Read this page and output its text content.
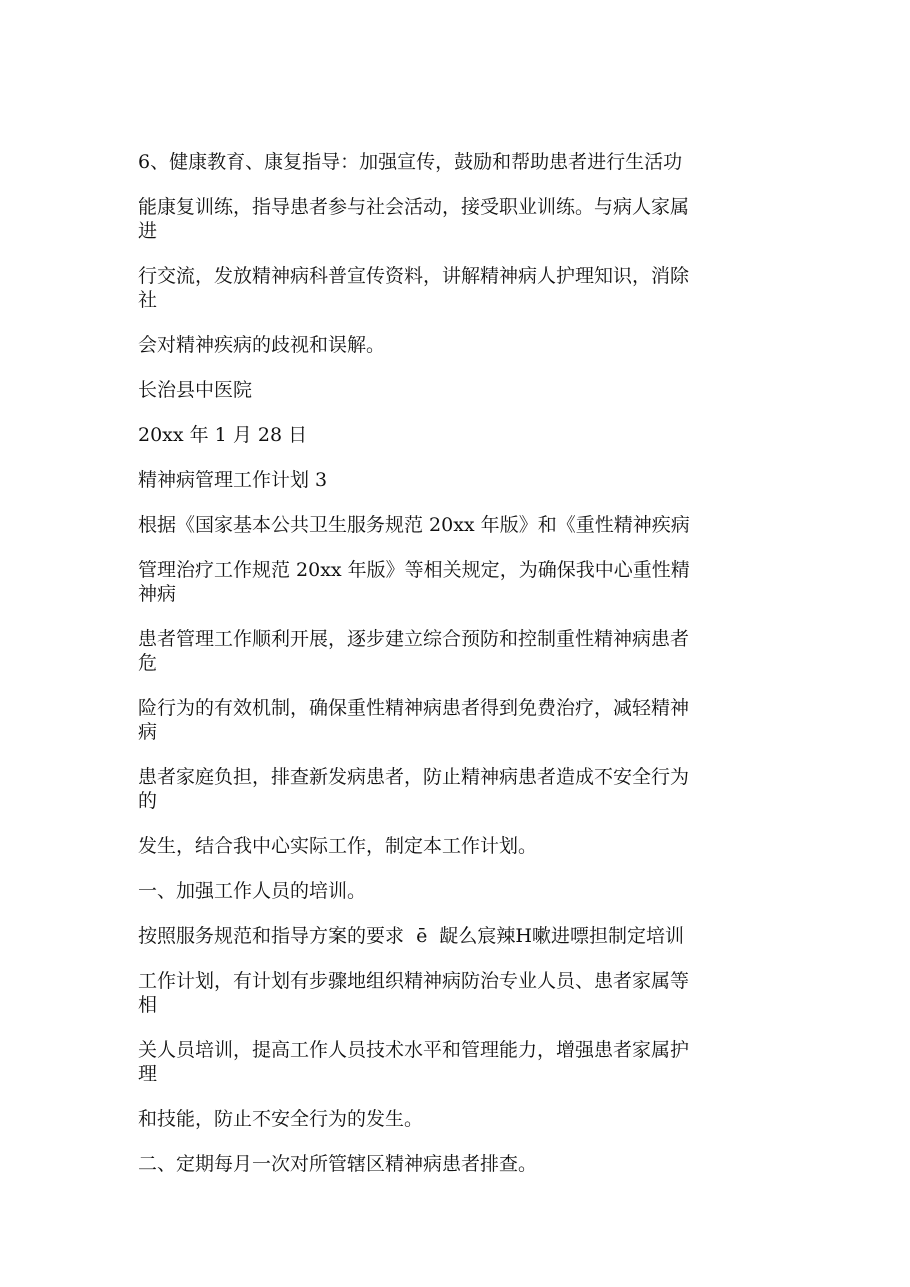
6、健康教育、康复指导：加强宣传，鼓励和帮助患者进行生活功

能康复训练，指导患者参与社会活动，接受职业训练。与病人家属
进

行交流，发放精神病科普宣传资料，讲解精神病人护理知识，消除
社

会对精神疾病的歧视和误解。

长治县中医院

20xx 年 1 月 28 日

精神病管理工作计划 3

根据《国家基本公共卫生服务规范 20xx 年版》和《重性精神疾病

管理治疗工作规范 20xx 年版》等相关规定，为确保我中心重性精
神病

患者管理工作顺利开展，逐步建立综合预防和控制重性精神病患者
危

险行为的有效机制，确保重性精神病患者得到免费治疗，减轻精神
病

患者家庭负担，排查新发病患者，防止精神病患者造成不安全行为
的

发生，结合我中心实际工作，制定本工作计划。

一、加强工作人员的培训。

按照服务规范和指导方案的要求  ē  龊么宸辣H嗽进嘌担制定培训

工作计划，有计划有步骤地组织精神病防治专业人员、患者家属等
相

关人员培训，提高工作人员技术水平和管理能力，增强患者家属护
理

和技能，防止不安全行为的发生。

二、定期每月一次对所管辖区精神病患者排查。
